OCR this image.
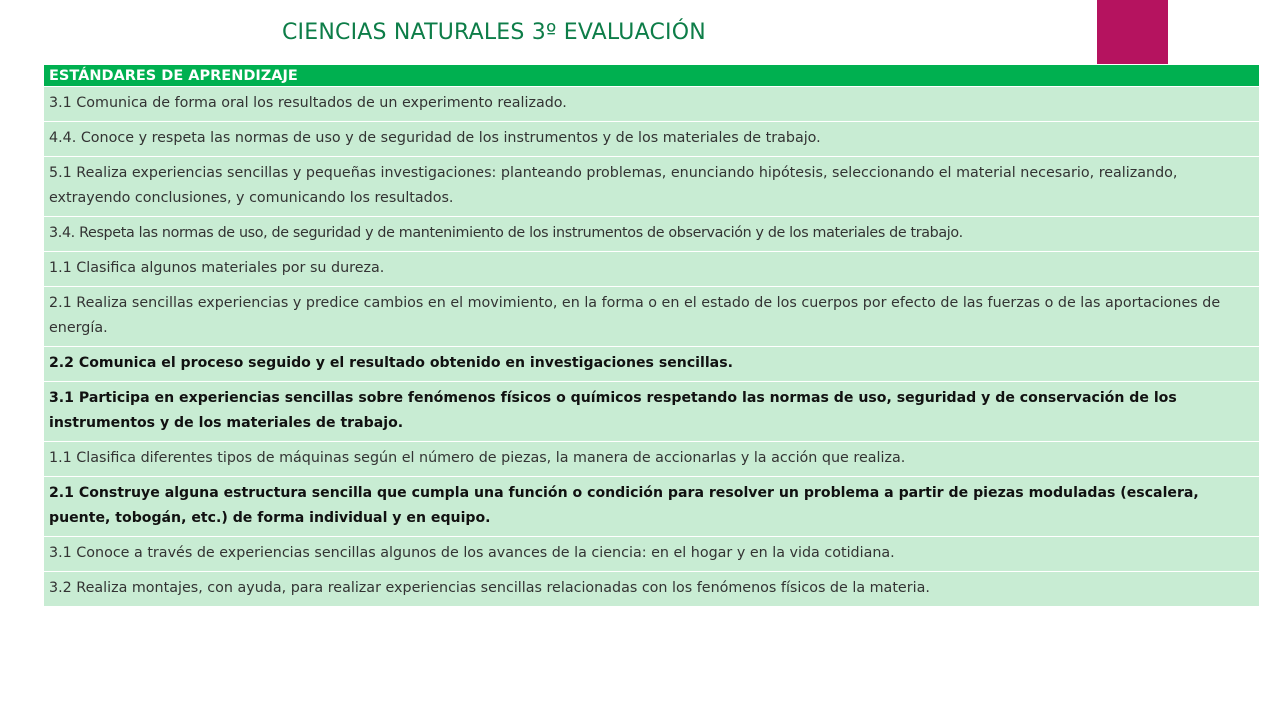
CIENCIAS NATURALES 3º EVALUACIÓN
ESTÁNDARES DE APRENDIZAJE
3.1 Comunica de forma oral los resultados de un experimento realizado.
4.4. Conoce y respeta las normas de uso y de seguridad de los instrumentos y de los materiales de trabajo.
5.1 Realiza experiencias sencillas y pequeñas investigaciones: planteando problemas, enunciando hipótesis, seleccionando el material necesario, realizando, extrayendo conclusiones, y comunicando los resultados.
3.4. Respeta las normas de uso, de seguridad y de mantenimiento de los instrumentos de observación y de los materiales de trabajo.
1.1 Clasifica algunos materiales por su dureza.
2.1 Realiza sencillas experiencias y predice cambios en el movimiento, en la forma o en el estado de los cuerpos por efecto de las fuerzas o de las aportaciones de energía.
2.2 Comunica el proceso seguido y el resultado obtenido en investigaciones sencillas.
3.1 Participa en experiencias sencillas sobre fenómenos físicos o químicos respetando las normas de uso, seguridad y de conservación de los instrumentos y de los materiales de trabajo.
1.1 Clasifica diferentes tipos de máquinas según el número de piezas, la manera de accionarlas y la acción que realiza.
2.1 Construye alguna estructura sencilla que cumpla una función o condición para resolver un problema a partir de piezas moduladas (escalera, puente, tobogán, etc.) de forma individual y en equipo.
3.1 Conoce a través de experiencias sencillas algunos de los avances de la ciencia: en el hogar y en la vida cotidiana.
3.2 Realiza montajes, con ayuda, para realizar experiencias sencillas relacionadas con los fenómenos físicos de la materia.
